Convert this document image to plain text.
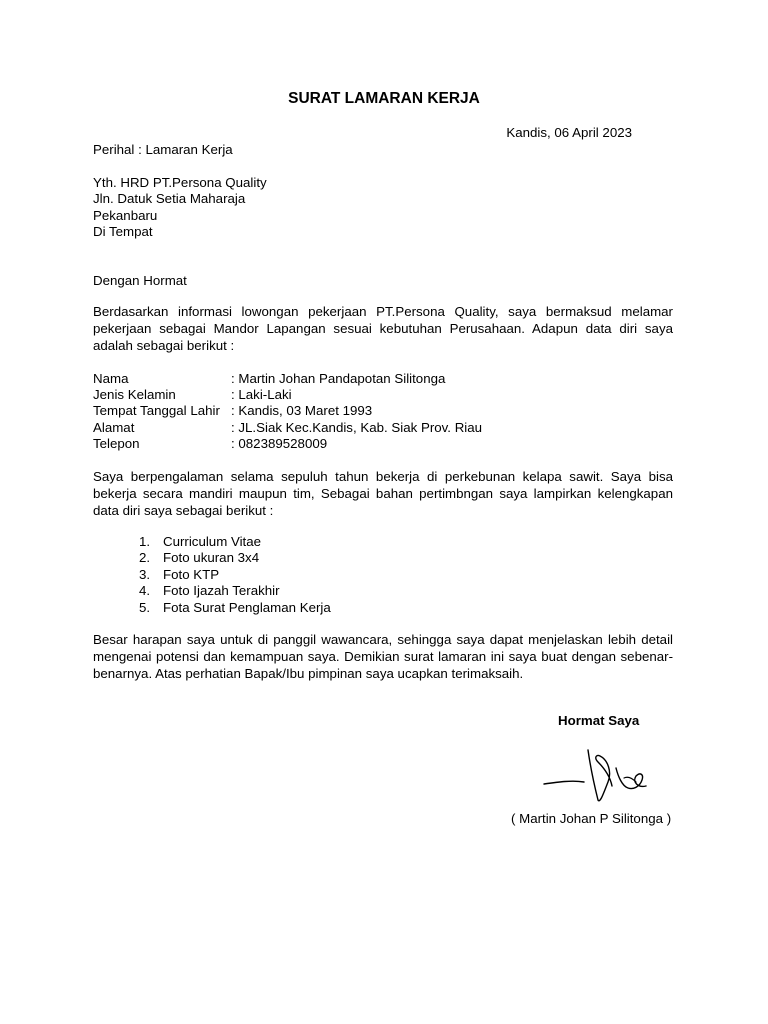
SURAT LAMARAN KERJA
Kandis, 06 April 2023
Perihal : Lamaran Kerja
Yth. HRD PT.Persona Quality
Jln. Datuk Setia Maharaja
Pekanbaru
Di Tempat
Dengan Hormat
Berdasarkan informasi lowongan pekerjaan PT.Persona Quality, saya bermaksud melamar pekerjaan sebagai Mandor Lapangan sesuai kebutuhan Perusahaan. Adapun data diri saya adalah sebagai berikut :
Nama	: Martin Johan Pandapotan Silitonga
Jenis Kelamin	: Laki-Laki
Tempat Tanggal Lahir : Kandis, 03 Maret 1993
Alamat	: JL.Siak Kec.Kandis, Kab. Siak Prov. Riau
Telepon	: 082389528009
Saya berpengalaman selama sepuluh tahun bekerja di perkebunan kelapa sawit. Saya bisa bekerja secara mandiri maupun tim, Sebagai bahan pertimbngan saya lampirkan kelengkapan data diri saya sebagai berikut :
1. Curriculum Vitae
2. Foto ukuran 3x4
3. Foto KTP
4. Foto Ijazah Terakhir
5. Fota Surat Penglaman Kerja
Besar harapan saya untuk di panggil wawancara, sehingga saya dapat menjelaskan lebih detail mengenai potensi dan kemampuan saya. Demikian surat lamaran ini saya buat dengan sebenar-benarnya. Atas perhatian Bapak/Ibu pimpinan saya ucapkan terimaksaih.
Hormat Saya
( Martin Johan P Silitonga )
